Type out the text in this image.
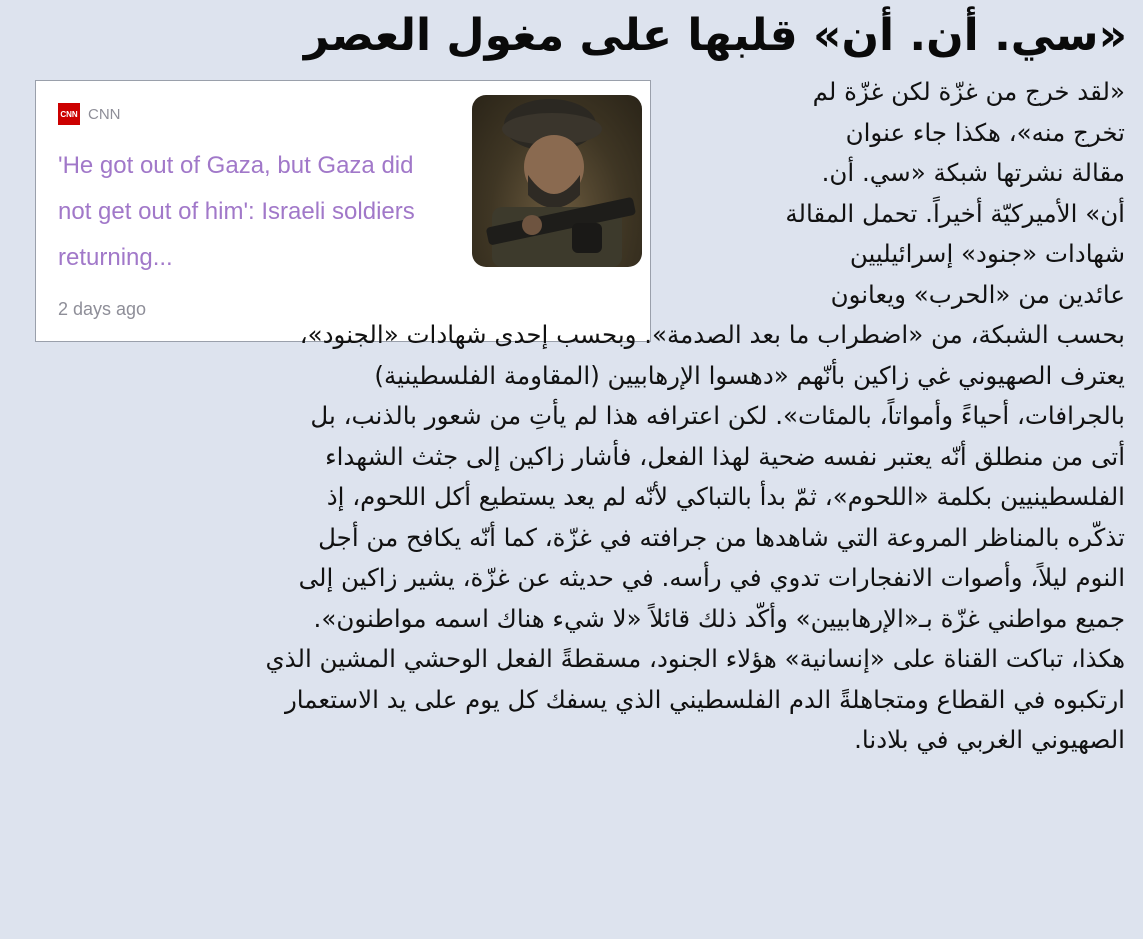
«سي. أن. أن» قلبها على مغول العصر
CNN CNN

'He got out of Gaza, but Gaza did not get out of him': Israeli soldiers returning...

2 days ago
«لقد خرج من غزّة لكن غزّة لم
تخرج منه»، هكذا جاء عنوان
مقالة نشرتها شبكة «سي. أن.
أن» الأميركيّة أخيراً. تحمل المقالة
شهادات «جنود» إسرائيليين
عائدين من «الحرب» ويعانون
بحسب الشبكة، من «اضطراب ما بعد الصدمة». وبحسب إحدى شهادات «الجنود»،
يعترف الصهيوني غي زاكين بأنّهم «دهسوا الإرهابيين (المقاومة الفلسطينية)
بالجرافات، أحياءً وأمواتاً، بالمئات». لكن اعترافه هذا لم يأتِ من شعور بالذنب، بل
أتى من منطلق أنّه يعتبر نفسه ضحية لهذا الفعل، فأشار زاكين إلى جثث الشهداء
الفلسطينيين بكلمة «اللحوم»، ثمّ بدأ بالتباكي لأنّه لم يعد يستطيع أكل اللحوم، إذ
تذكّره بالمناظر المروعة التي شاهدها من جرافته في غزّة، كما أنّه يكافح من أجل
النوم ليلاً، وأصوات الانفجارات تدوي في رأسه. في حديثه عن غزّة، يشير زاكين إلى
جميع مواطني غزّة بـ«الإرهابيين» وأكّد ذلك قائلاً «لا شيء هناك اسمه مواطنون».
هكذا، تباكت القناة على «إنسانية» هؤلاء الجنود، مسقطةً الفعل الوحشي المشين الذي
ارتكبوه في القطاع ومتجاهلةً الدم الفلسطيني الذي يسفك كل يوم على يد الاستعمار
الصهيوني الغربي في بلادنا.
